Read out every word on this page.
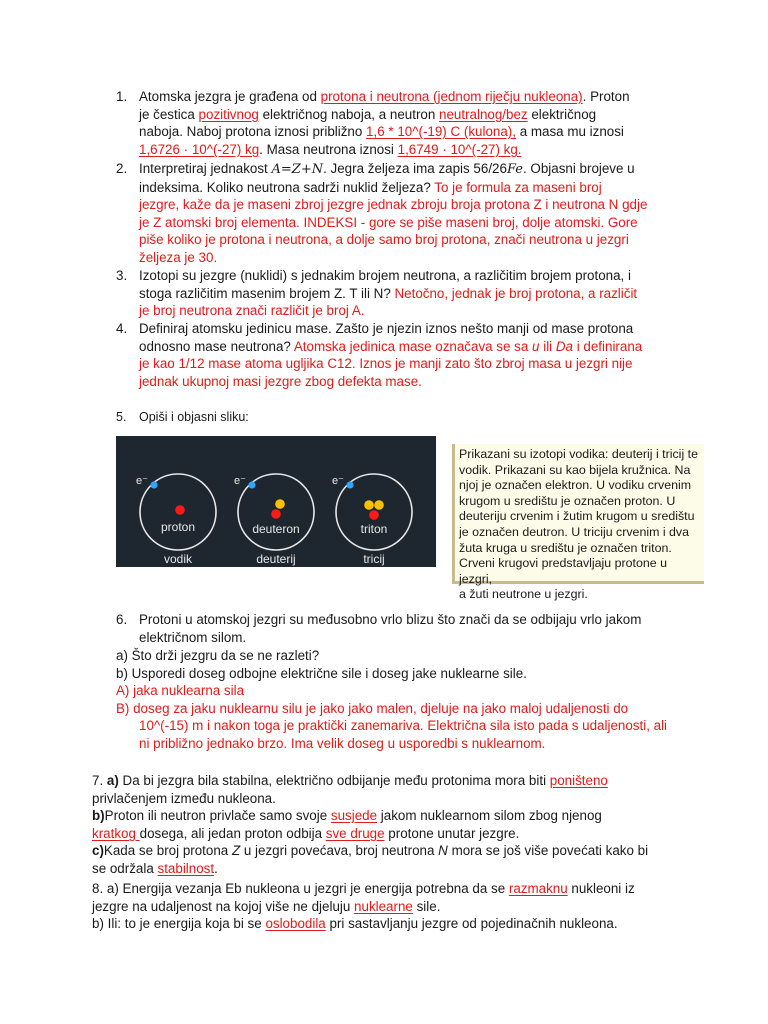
1. Atomska jezgra je građena od protona i neutrona (jednom riječju nukleona). Proton
je čestica pozitivnog električnog naboja, a neutron neutralnog/bez električnog
naboja. Naboj protona iznosi približno 1,6 * 10^(-19) C (kulona), a masa mu iznosi
1,6726 · 10^(-27) kg. Masa neutrona iznosi 1,6749 · 10^(-27) kg.
2. Interpretiraj jednakost A=Z+N. Jegra željeza ima zapis 56/26Fe. Objasni brojeve u
indeksima. Koliko neutrona sadrži nuklid željeza? To je formula za maseni broj
jezgre, kaže da je maseni zbroj jezgre jednak zbroju broja protona Z i neutrona N gdje
je Z atomski broj elementa. INDEKSI - gore se piše maseni broj, dolje atomski. Gore
piše koliko je protona i neutrona, a dolje samo broj protona, znači neutrona u jezgri
željeza je 30.
3. Izotopi su jezgre (nuklidi) s jednakim brojem neutrona, a različitim brojem protona, i
stoga različitim masenim brojem Z. T ili N? Netočno, jednak je broj protona, a različit
je broj neutrona znači različit je broj A.
4. Definiraj atomsku jedinicu mase. Zašto je njezin iznos nešto manji od mase protona
odnosno mase neutrona? Atomska jedinica mase označava se sa u ili Da i definirana
je kao 1/12 mase atoma ugljika C12. Iznos je manji zato što zbroj masa u jezgri nije
jednak ukupnoj masi jezgre zbog defekta mase.
5. Opiši i objasni sliku:
e⁻
proton
vodik
e⁻
deuteron
deuterij
e⁻
triton
tricij
Prikazani su izotopi vodika: deuterij i tricij te
vodik. Prikazani su kao bijela kružnica. Na
njoj je označen elektron. U vodiku crvenim
krugom u središtu je označen proton. U
deuteriju crvenim i žutim krugom u središtu
je označen deutron. U triciju crvenim i dva
žuta kruga u središtu je označen triton.
Crveni krugovi predstavljaju protone u jezgri,
a žuti neutrone u jezgri.
6. Protoni u atomskoj jezgri su međusobno vrlo blizu što znači da se odbijaju vrlo jakom
električnom silom.
a) Što drži jezgru da se ne razleti?
b) Usporedi doseg odbojne električne sile i doseg jake nuklearne sile.
A) jaka nuklearna sila
B) doseg za jaku nuklearnu silu je jako jako malen, djeluje na jako maloj udaljenosti do
10^(-15) m i nakon toga je praktički zanemariva. Električna sila isto pada s udaljenosti, ali
ni približno jednako brzo. Ima velik doseg u usporedbi s nuklearnom.
7. a) Da bi jezgra bila stabilna, električno odbijanje među protonima mora biti poništeno
privlačenjem između nukleona.
b)Proton ili neutron privlače samo svoje susjede jakom nuklearnom silom zbog njenog
kratkog dosega, ali jedan proton odbija sve druge protone unutar jezgre.
c)Kada se broj protona Z u jezgri povećava, broj neutrona N mora se još više povećati kako bi
se održala stabilnost.
8. a) Energija vezanja Eb nukleona u jezgri je energija potrebna da se razmaknu nukleoni iz
jezgre na udaljenost na kojoj više ne djeluju nuklearne sile.
b) Ili: to je energija koja bi se oslobodila pri sastavljanju jezgre od pojedinačnih nukleona.
